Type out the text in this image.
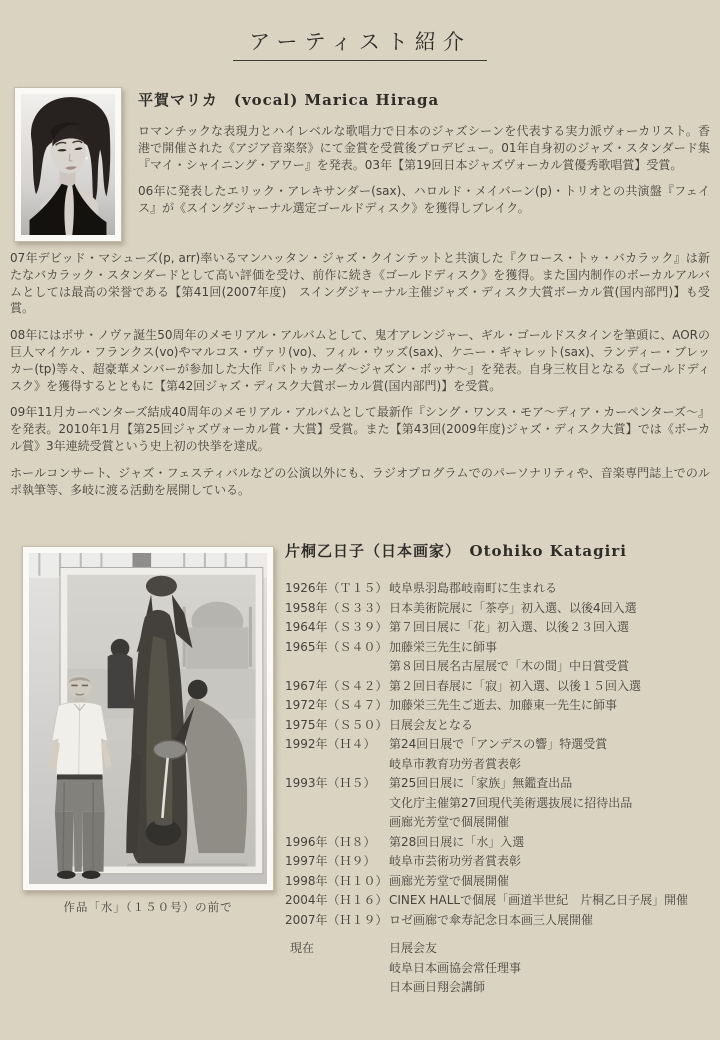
アーティスト紹介
平賀マリカ　(vocal) Marica Hiraga

ロマンチックな表現力とハイレベルな歌唱力で日本のジャズシーンを代表する実力派ヴォーカリスト。香港で開催された《アジア音楽祭》にて金賞を受賞後プロデビュー。01年自身初のジャズ・スタンダード集『マイ・シャイニング・アワー』を発表。03年【第19回日本ジャズヴォーカル賞優秀歌唱賞】受賞。

06年に発表したエリック・アレキサンダー(sax)、ハロルド・メイバーン(p)・トリオとの共演盤『フェイス』が《スイングジャーナル選定ゴールドディスク》を獲得しブレイク。

07年デビッド・マシューズ(p, arr)率いるマンハッタン・ジャズ・クインテットと共演した『クロース・トゥ・バカラック』は新たなバカラック・スタンダードとして高い評価を受け、前作に続き《ゴールドディスク》を獲得。また国内制作のボーカルアルバムとしては最高の栄誉である【第41回(2007年度)　スイングジャーナル主催ジャズ・ディスク大賞ボーカル賞(国内部門)】も受賞。

08年にはボサ・ノヴァ誕生50周年のメモリアル・アルバムとして、鬼才アレンジャー、ギル・ゴールドスタインを筆頭に、AORの巨人マイケル・フランクス(vo)やマルコス・ヴァリ(vo)、フィル・ウッズ(sax)、ケニー・ギャレット(sax)、ランディー・ブレッカー(tp)等々、超豪華メンバーが参加した大作『バトゥカーダ〜ジャズン・ボッサ〜』を発表。自身三枚目となる《ゴールドディスク》を獲得するとともに【第42回ジャズ・ディスク大賞ボーカル賞(国内部門)】を受賞。

09年11月カーペンターズ結成40周年のメモリアル・アルバムとして最新作『シング・ワンス・モア〜ディア・カーペンターズ〜』を発表。2010年1月【第25回ジャズヴォーカル賞・大賞】受賞。また【第43回(2009年度)ジャズ・ディスク大賞】では《ボーカル賞》3年連続受賞という史上初の快挙を達成。

ホールコンサート、ジャズ・フェスティバルなどの公演以外にも、ラジオプログラムでのパーソナリティや、音楽専門誌上でのルポ執筆等、多岐に渡る活動を展開している。

作品「水」（１５０号）の前で
片桐乙日子（日本画家）　Otohiko Katagiri
1926年（Ｔ１５） 岐阜県羽島郡岐南町に生まれる
1958年（Ｓ３３） 日本美術院展に「茶亭」初入選、以後4回入選
1964年（Ｓ３９） 第７回日展に「花」初入選、以後２３回入選
1965年（Ｓ４０） 加藤栄三先生に師事
第８回日展名古屋展で「木の間」中日賞受賞
1967年（Ｓ４２） 第２回日春展に「寂」初入選、以後１５回入選
1972年（Ｓ４７） 加藤栄三先生ご逝去、加藤東一先生に師事
1975年（Ｓ５０） 日展会友となる
1992年（Ｈ４）	第24回日展で「アンデスの響」特選受賞
岐阜市教育功労者賞表彰
1993年（Ｈ５）	第25回日展に「家族」無鑑査出品
文化庁主催第27回現代美術選抜展に招待出品
画廊光芳堂で個展開催
1996年（Ｈ８）	第28回日展に「水」入選
1997年（Ｈ９）	岐阜市芸術功労者賞表彰
1998年（Ｈ１０） 画廊光芳堂で個展開催
2004年（Ｈ１６） CINEX HALLで個展「画道半世紀　片桐乙日子展」開催
2007年（Ｈ１９） ロゼ画廊で傘寿記念日本画三人展開催
現在	日展会友
岐阜日本画協会常任理事
日本画日翔会講師
